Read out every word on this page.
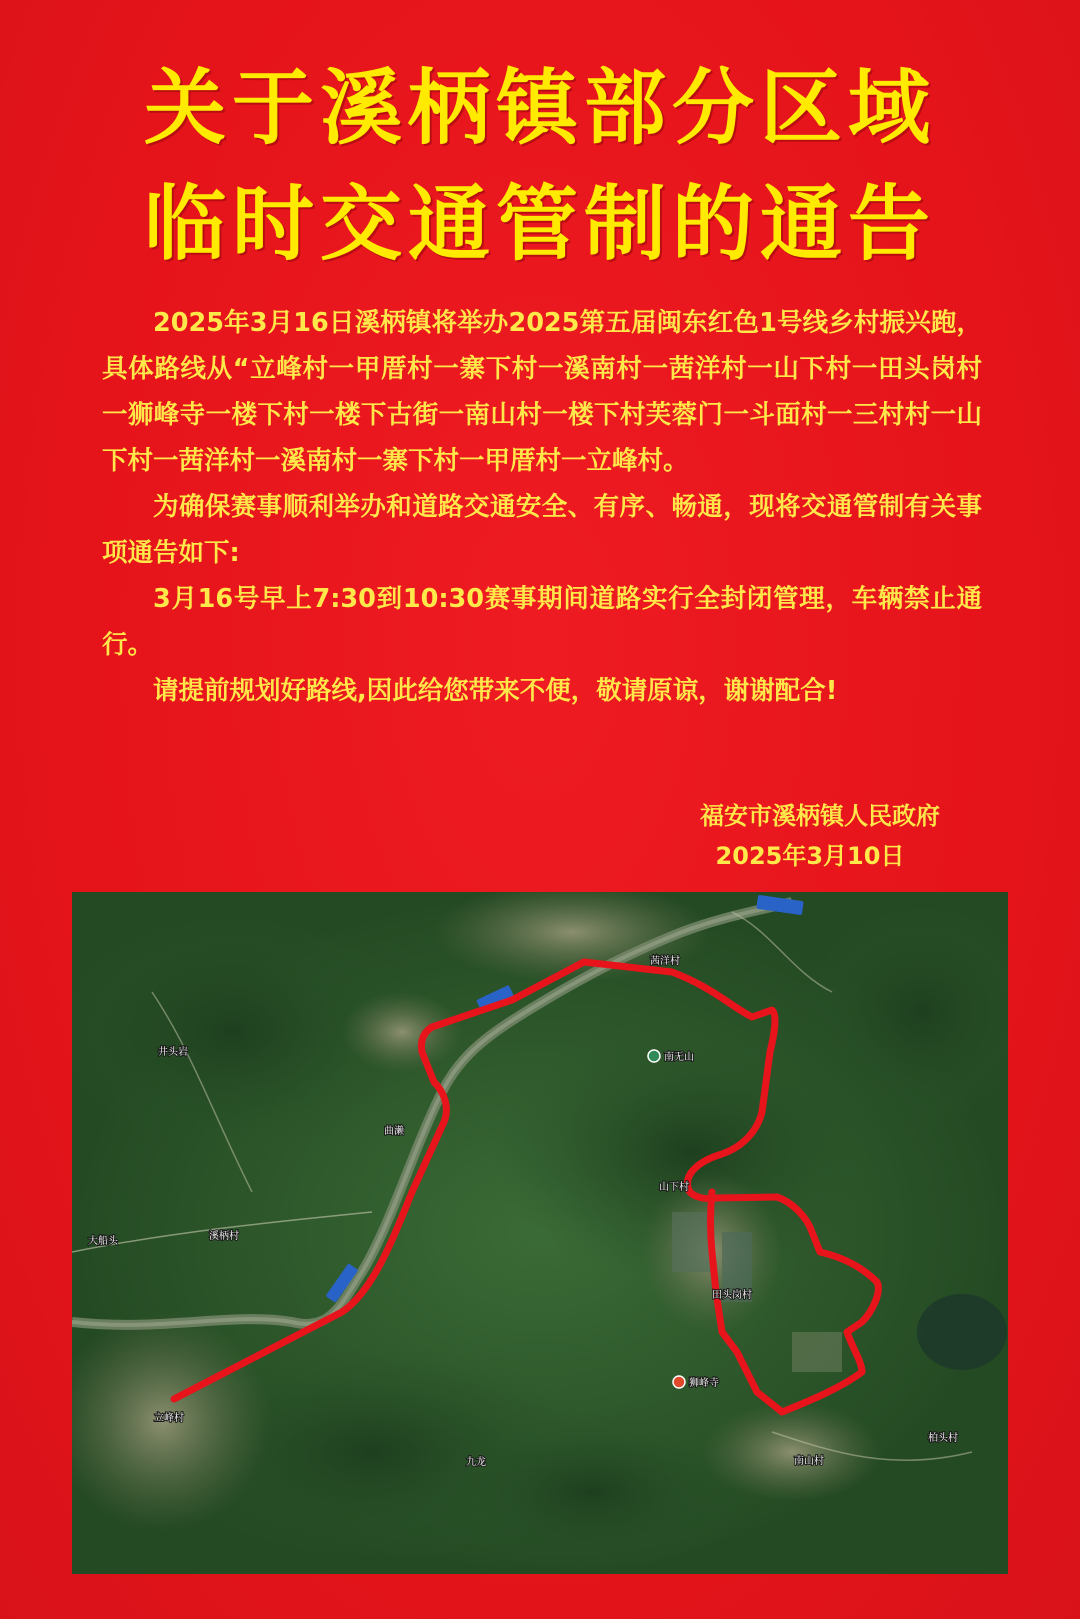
关于溪柄镇部分区域
临时交通管制的通告

2025年3月16日溪柄镇将举办2025第五届闽东红色1号线乡村振兴跑，具体路线从“立峰村一甲厝村一寨下村一溪南村一茜洋村一山下村一田头岗村一狮峰寺一楼下村一楼下古街一南山村一楼下村芙蓉门一斗面村一三村村一山下村一茜洋村一溪南村一寨下村一甲厝村一立峰村。

为确保赛事顺利举办和道路交通安全、有序、畅通，现将交通管制有关事项通告如下:

3月16号早上7:30到10:30赛事期间道路实行全封闭管理，车辆禁止通行。

请提前规划好路线,因此给您带来不便，敬请原谅，谢谢配合!

福安市溪柄镇人民政府
2025年3月10日
井头岩
曲濑
溪柄村
大船头
立峰村
九龙
茜洋村
南无山
山下村
田头岗村
狮峰寺
南山村
柏头村
